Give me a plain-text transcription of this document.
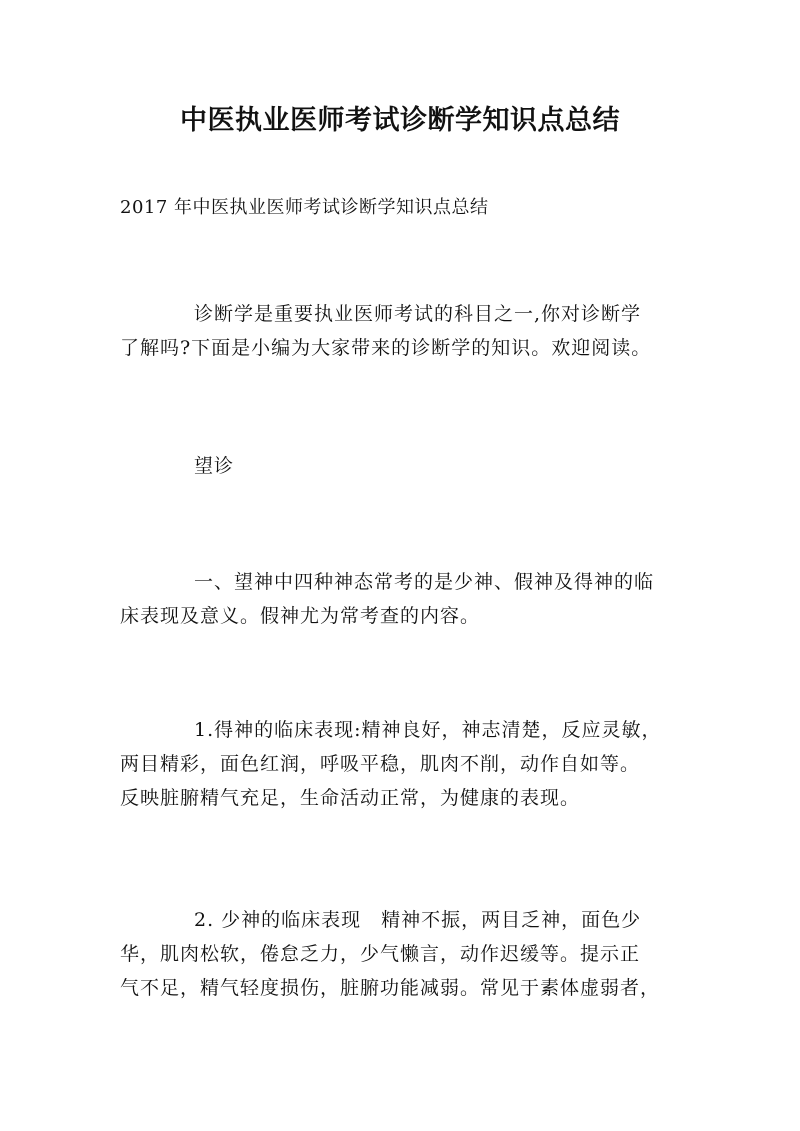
中医执业医师考试诊断学知识点总结
2017 年中医执业医师考试诊断学知识点总结
诊断学是重要执业医师考试的科目之一,你对诊断学
了解吗?下面是小编为大家带来的诊断学的知识。欢迎阅读。
望诊
一、望神中四种神态常考的是少神、假神及得神的临
床表现及意义。假神尤为常考查的内容。
1.得神的临床表现:精神良好，神志清楚，反应灵敏，
两目精彩，面色红润，呼吸平稳，肌肉不削，动作自如等。
反映脏腑精气充足，生命活动正常，为健康的表现。
2. 少神的临床表现　精神不振，两目乏神，面色少
华，肌肉松软，倦怠乏力，少气懒言，动作迟缓等。提示正
气不足，精气轻度损伤，脏腑功能减弱。常见于素体虚弱者，
